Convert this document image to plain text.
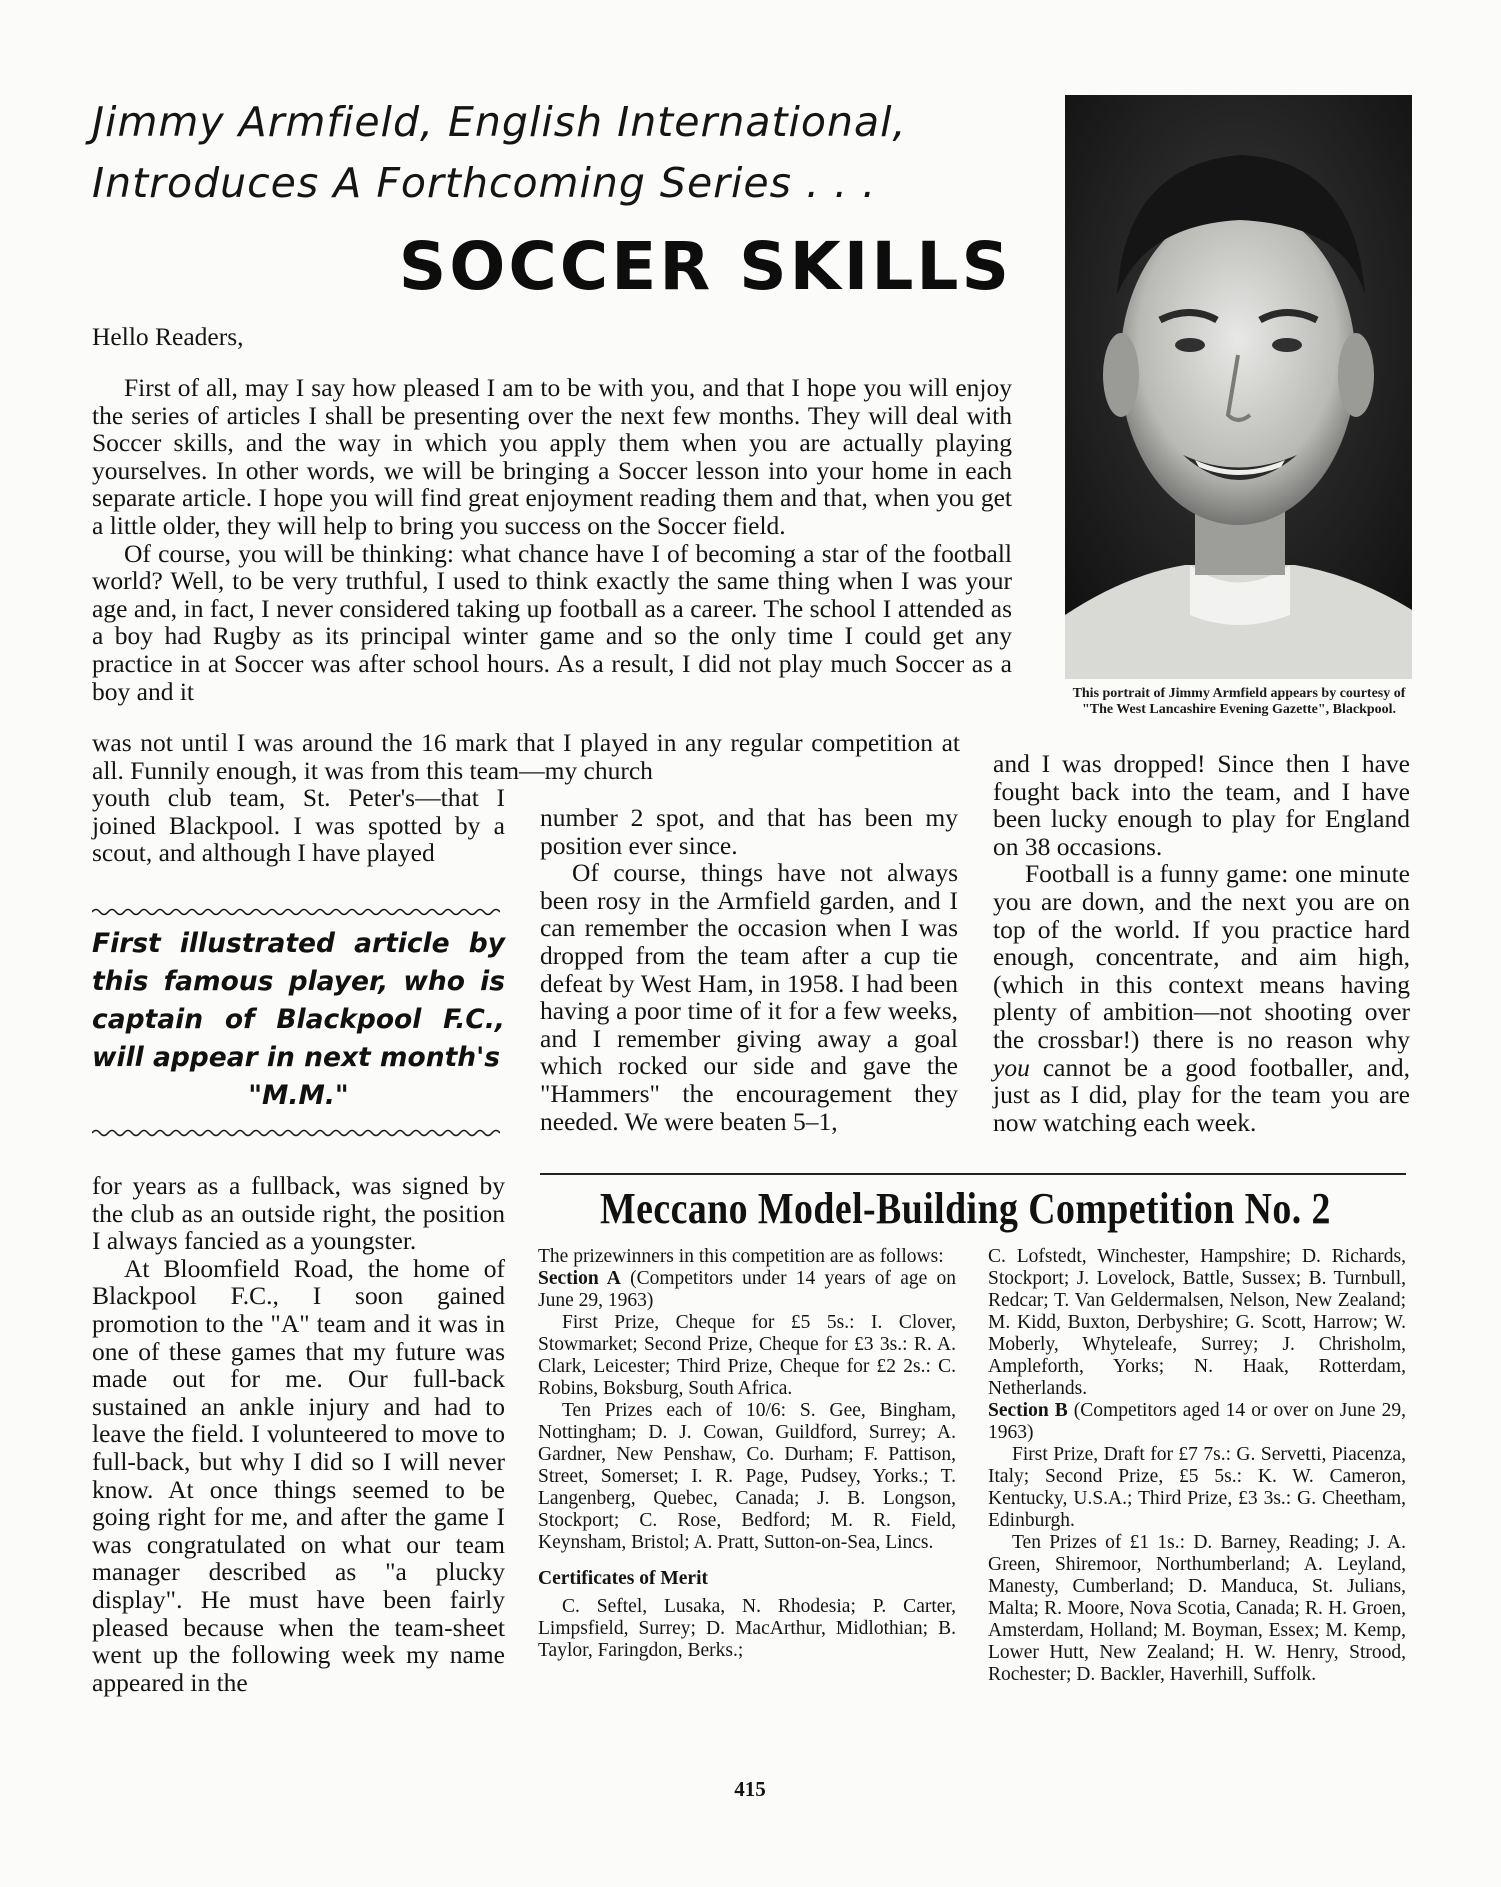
Jimmy Armfield, English International,

Introduces A Forthcoming Series . . .

SOCCER SKILLS

Hello Readers,

This portrait of Jimmy Armfield appears by courtesy of "The West Lancashire Evening Gazette", Blackpool.

First of all, may I say how pleased I am to be with you, and that I hope you will enjoy the series of articles I shall be presenting over the next few months. They will deal with Soccer skills, and the way in which you apply them when you are actually playing yourselves. In other words, we will be bringing a Soccer lesson into your home in each separate article. I hope you will find great enjoyment reading them and that, when you get a little older, they will help to bring you success on the Soccer field.

Of course, you will be thinking: what chance have I of becoming a star of the football world? Well, to be very truthful, I used to think exactly the same thing when I was your age and, in fact, I never considered taking up football as a career. The school I attended as a boy had Rugby as its principal winter game and so the only time I could get any practice in at Soccer was after school hours. As a result, I did not play much Soccer as a boy and it

was not until I was around the 16 mark that I played in any regular competition at all. Funnily enough, it was from this team—my church

youth club team, St. Peter's—that I joined Blackpool. I was spotted by a scout, and although I have played

First illustrated article by this famous player, who is captain of Blackpool F.C., will appear in next month's
"M.M."

for years as a fullback, was signed by the club as an outside right, the position I always fancied as a youngster.

At Bloomfield Road, the home of Blackpool F.C., I soon gained promotion to the "A" team and it was in one of these games that my future was made out for me. Our full-back sustained an ankle injury and had to leave the field. I volunteered to move to full-back, but why I did so I will never know. At once things seemed to be going right for me, and after the game I was congratulated on what our team manager described as "a plucky display". He must have been fairly pleased because when the team-sheet went up the following week my name appeared in the

number 2 spot, and that has been my position ever since.

Of course, things have not always been rosy in the Armfield garden, and I can remember the occasion when I was dropped from the team after a cup tie defeat by West Ham, in 1958. I had been having a poor time of it for a few weeks, and I remember giving away a goal which rocked our side and gave the "Hammers" the encouragement they needed. We were beaten 5–1,

and I was dropped! Since then I have fought back into the team, and I have been lucky enough to play for England on 38 occasions.

Football is a funny game: one minute you are down, and the next you are on top of the world. If you practice hard enough, concentrate, and aim high, (which in this context means having plenty of ambition—not shooting over the crossbar!) there is no reason why you cannot be a good footballer, and, just as I did, play for the team you are now watching each week.

Meccano Model-Building Competition No. 2

The prizewinners in this competition are as follows:

Section A (Competitors under 14 years of age on June 29, 1963)

First Prize, Cheque for £5 5s.: I. Clover, Stowmarket; Second Prize, Cheque for £3 3s.: R. A. Clark, Leicester; Third Prize, Cheque for £2 2s.: C. Robins, Boksburg, South Africa.

Ten Prizes each of 10/6: S. Gee, Bingham, Nottingham; D. J. Cowan, Guildford, Surrey; A. Gardner, New Penshaw, Co. Durham; F. Pattison, Street, Somerset; I. R. Page, Pudsey, Yorks.; T. Langenberg, Quebec, Canada; J. B. Longson, Stockport; C. Rose, Bedford; M. R. Field, Keynsham, Bristol; A. Pratt, Sutton-on-Sea, Lincs.

Certificates of Merit

C. Seftel, Lusaka, N. Rhodesia; P. Carter, Limpsfield, Surrey; D. MacArthur, Midlothian; B. Taylor, Faringdon, Berks.;

C. Lofstedt, Winchester, Hampshire; D. Richards, Stockport; J. Lovelock, Battle, Sussex; B. Turnbull, Redcar; T. Van Geldermalsen, Nelson, New Zealand; M. Kidd, Buxton, Derbyshire; G. Scott, Harrow; W. Moberly, Whyteleafe, Surrey; J. Chrisholm, Ampleforth, Yorks; N. Haak, Rotterdam, Netherlands.

Section B (Competitors aged 14 or over on June 29, 1963)

First Prize, Draft for £7 7s.: G. Servetti, Piacenza, Italy; Second Prize, £5 5s.: K. W. Cameron, Kentucky, U.S.A.; Third Prize, £3 3s.: G. Cheetham, Edinburgh.

Ten Prizes of £1 1s.: D. Barney, Reading; J. A. Green, Shiremoor, Northumberland; A. Leyland, Manesty, Cumberland; D. Manduca, St. Julians, Malta; R. Moore, Nova Scotia, Canada; R. H. Groen, Amsterdam, Holland; M. Boyman, Essex; M. Kemp, Lower Hutt, New Zealand; H. W. Henry, Strood, Rochester; D. Backler, Haverhill, Suffolk.

415
